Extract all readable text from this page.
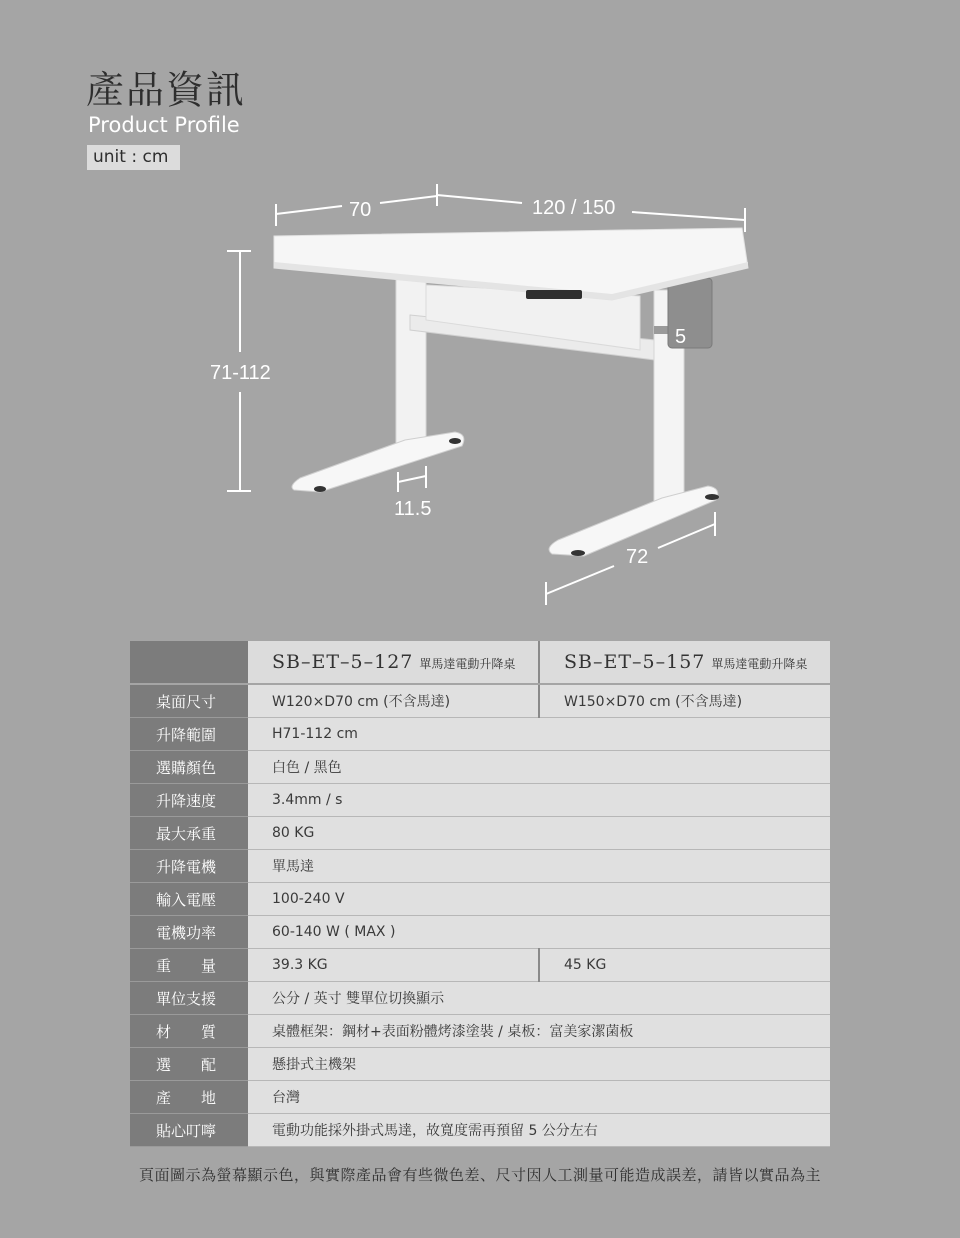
產品資訊
Product Profile
unit : cm
70	120 / 150
71-112
5
11.5
72
	SB–ET–5–127 單馬達電動升降桌	SB–ET–5–157 單馬達電動升降桌
桌面尺寸	W120×D70 cm (不含馬達)	W150×D70 cm (不含馬達)
升降範圍	H71-112 cm	
選購顏色	白色 / 黑色	
升降速度	3.4mm / s	
最大承重	80 KG	
升降電機	單馬達	
輸入電壓	100-240 V	
電機功率	60-140 W ( MAX )	
重量	39.3 KG	45 KG
單位支援	公分 / 英寸 雙單位切換顯示	
材質	桌體框架：鋼材+表面粉體烤漆塗裝 / 桌板：富美家潔菌板	
選配	懸掛式主機架	
產地	台灣	
貼心叮嚀	電動功能採外掛式馬達，故寬度需再預留 5 公分左右	
頁面圖示為螢幕顯示色，與實際產品會有些微色差、尺寸因人工測量可能造成誤差，請皆以實品為主
